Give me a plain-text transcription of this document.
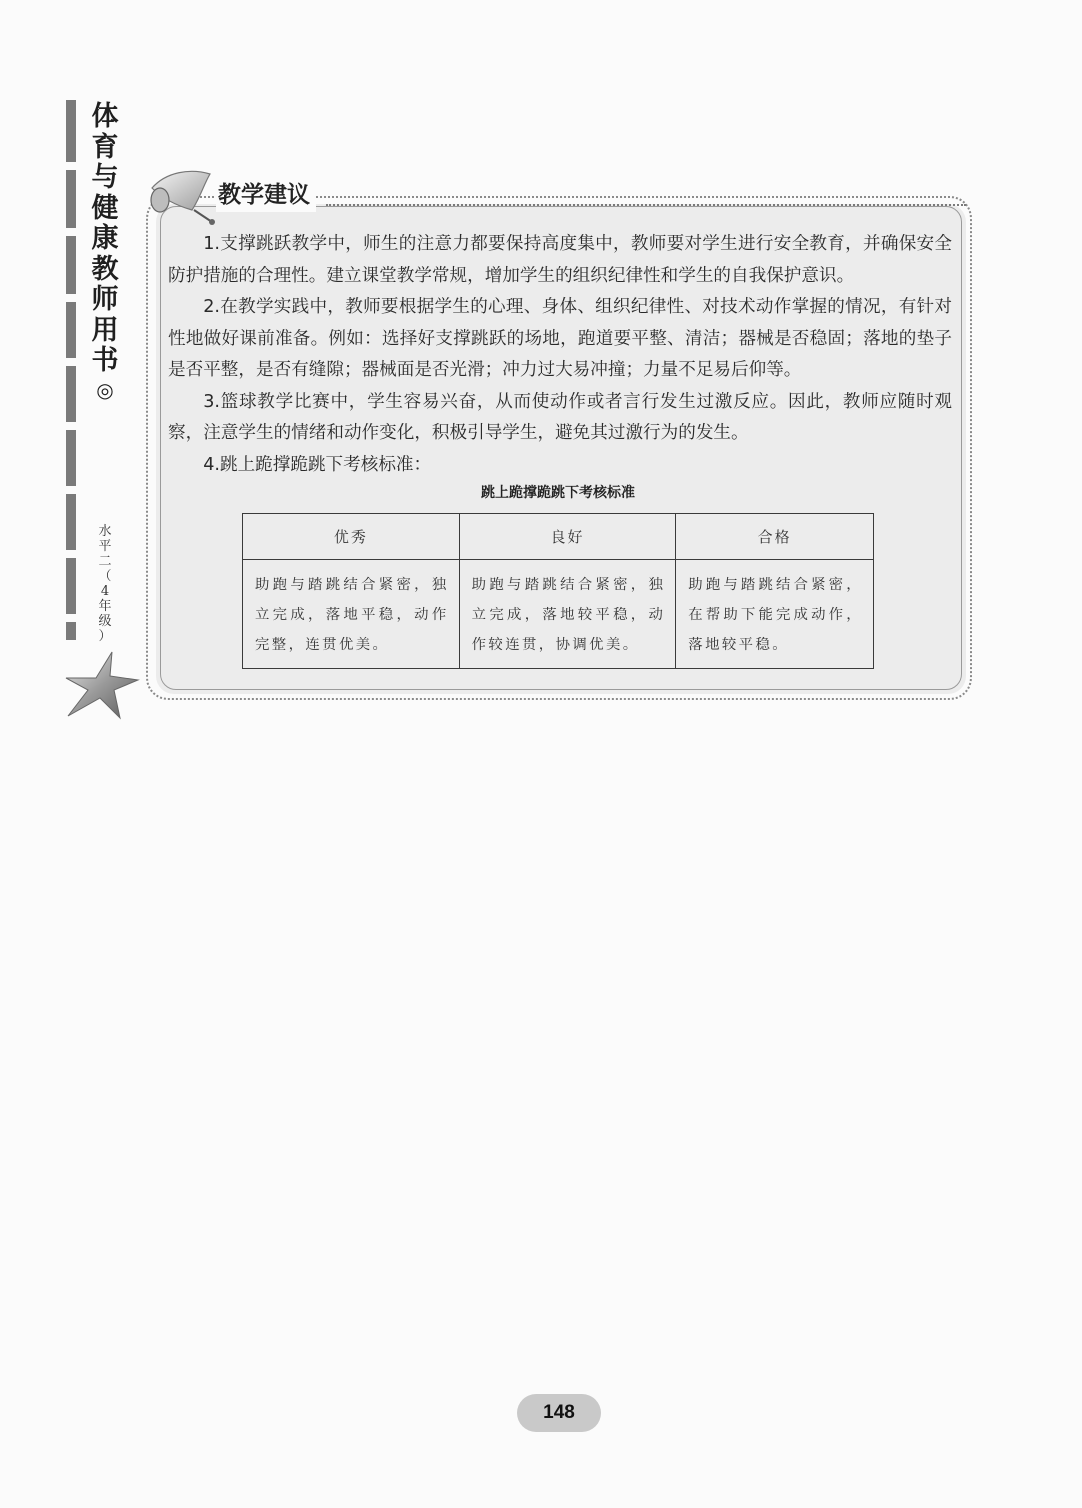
体
育
与
健
康
教
师
用
书
◎
水
平
二
（
4
年
级
）
教学建议

1.支撑跳跃教学中，师生的注意力都要保持高度集中，教师要对学生进行安全教育，并确保安全防护措施的合理性。建立课堂教学常规，增加学生的组织纪律性和学生的自我保护意识。

2.在教学实践中，教师要根据学生的心理、身体、组织纪律性、对技术动作掌握的情况，有针对性地做好课前准备。例如：选择好支撑跳跃的场地，跑道要平整、清洁；器械是否稳固；落地的垫子是否平整，是否有缝隙；器械面是否光滑；冲力过大易冲撞；力量不足易后仰等。

3.篮球教学比赛中，学生容易兴奋，从而使动作或者言行发生过激反应。因此，教师应随时观察，注意学生的情绪和动作变化，积极引导学生，避免其过激行为的发生。

4.跳上跪撑跪跳下考核标准：

跳上跪撑跪跳下考核标准
优秀	良好	合格
助跑与踏跳结合紧密，独立完成，落地平稳，动作完整，连贯优美。	助跑与踏跳结合紧密，独立完成，落地较平稳，动作较连贯，协调优美。	助跑与踏跳结合紧密，在帮助下能完成动作，落地较平稳。
148
